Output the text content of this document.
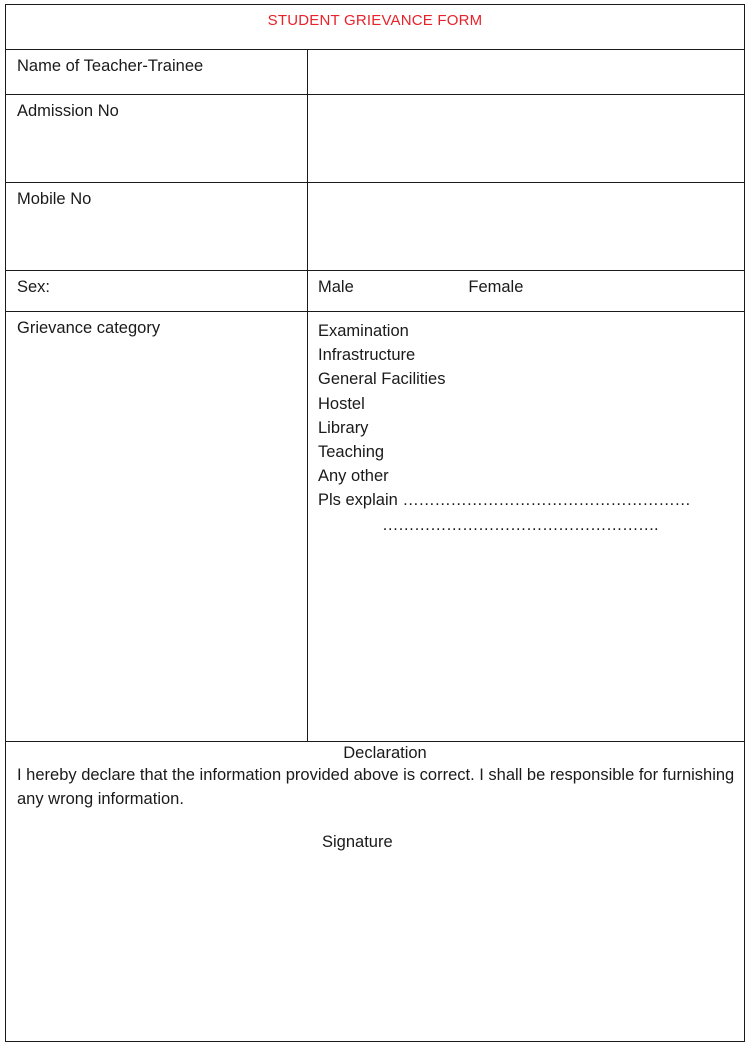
STUDENT GRIEVANCE FORM
Name of Teacher-Trainee
Admission No
Mobile No
Sex:	Male	Female
Grievance category	Examination
Infrastructure
General Facilities
Hostel
Library
Teaching
Any other
Pls explain ………………………………………………
…………………………………………….
Declaration
I hereby declare that the information provided above is correct. I shall be responsible for furnishing any wrong information.
Signature
